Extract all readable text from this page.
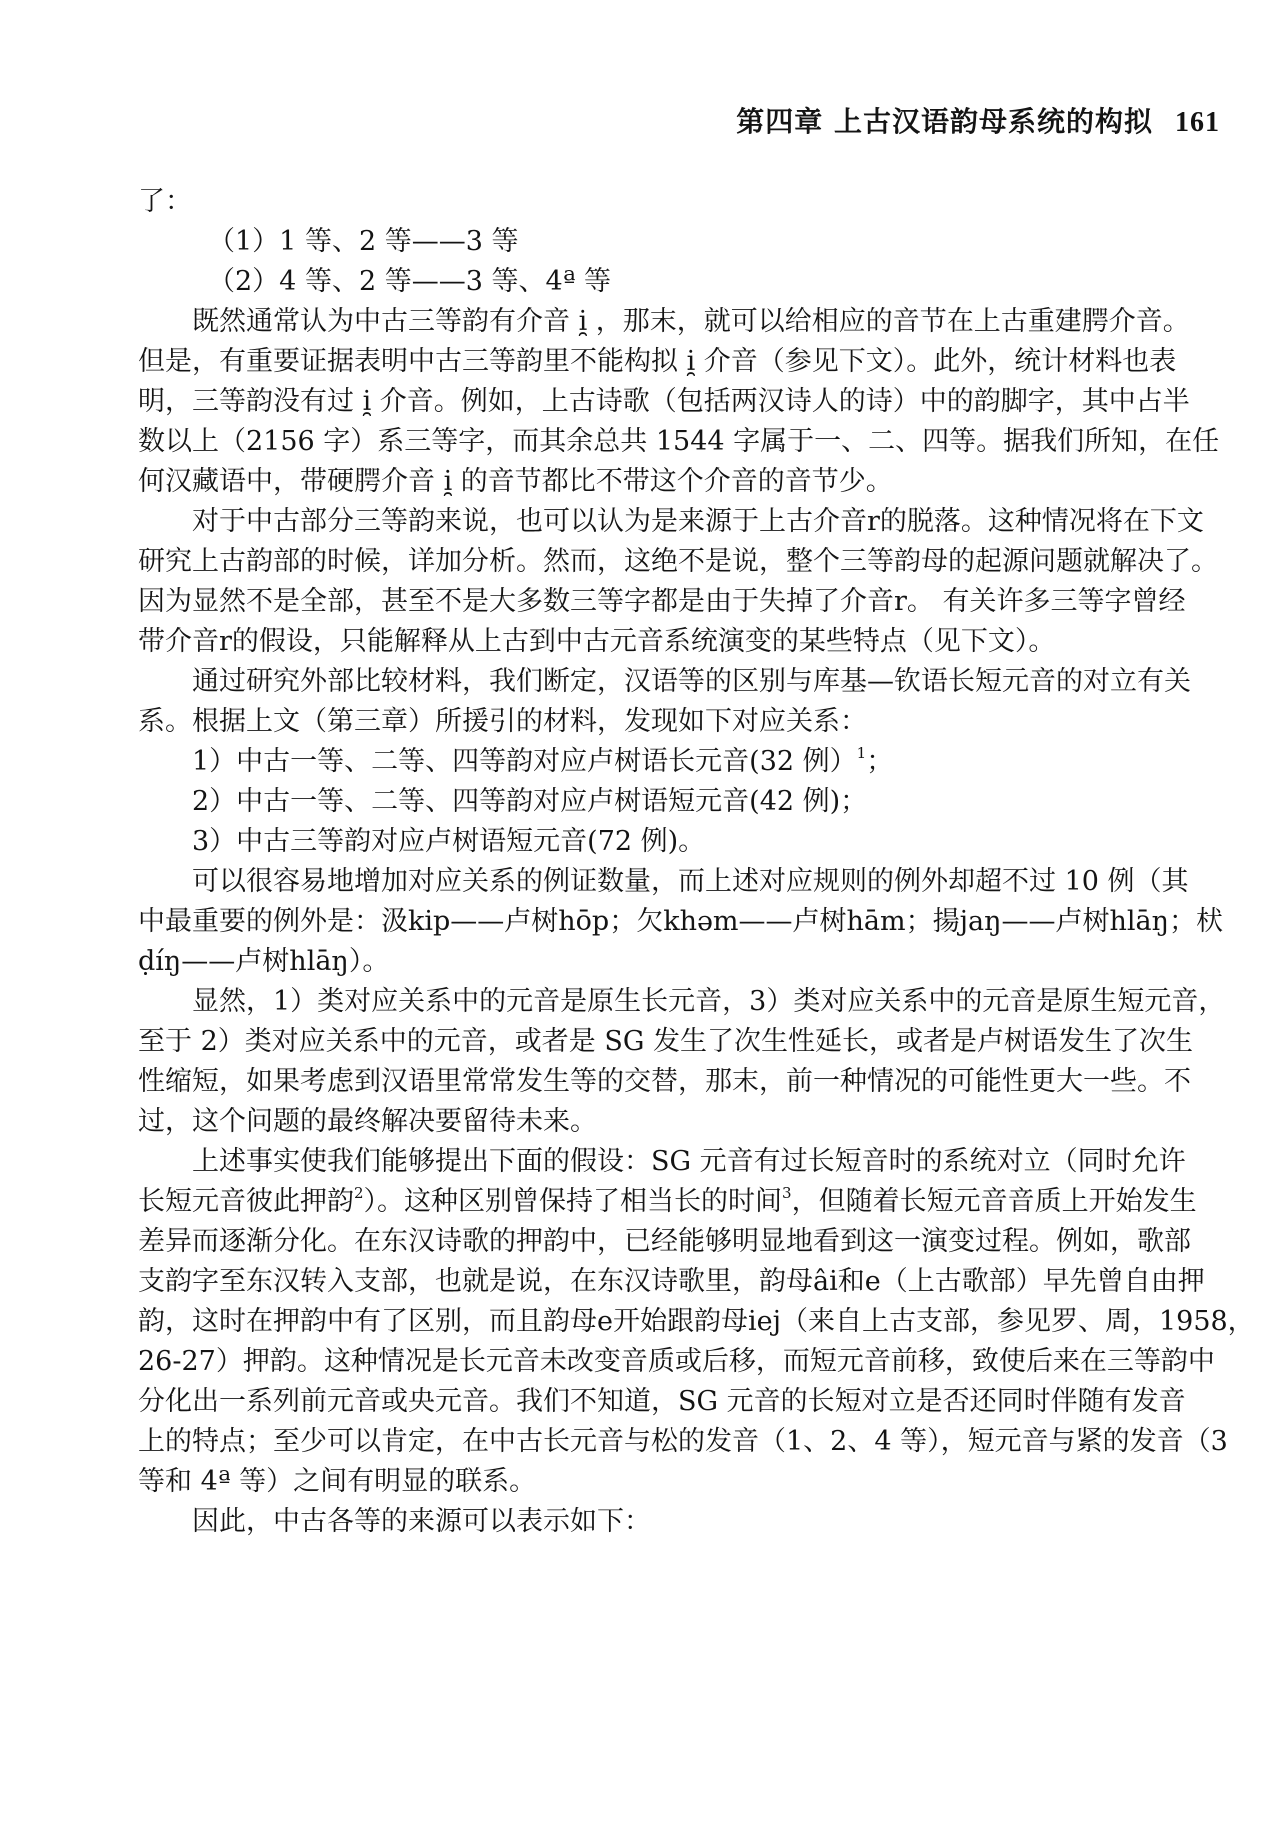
第四章 上古汉语韵母系统的构拟 161
了：
（1）1 等、2 等——3 等
（2）4 等、2 等——3 等、4ª 等
既然通常认为中古三等韵有介音 i̯ ，那末，就可以给相应的音节在上古重建腭介音。
但是，有重要证据表明中古三等韵里不能构拟 i̯ 介音（参见下文）。此外，统计材料也表
明，三等韵没有过 i̯ 介音。例如，上古诗歌（包括两汉诗人的诗）中的韵脚字，其中占半
数以上（2156 字）系三等字，而其余总共 1544 字属于一、二、四等。据我们所知，在任
何汉藏语中，带硬腭介音 i̯ 的音节都比不带这个介音的音节少。
对于中古部分三等韵来说，也可以认为是来源于上古介音r的脱落。这种情况将在下文
研究上古韵部的时候，详加分析。然而，这绝不是说，整个三等韵母的起源问题就解决了。
因为显然不是全部，甚至不是大多数三等字都是由于失掉了介音r。 有关许多三等字曾经
带介音r的假设，只能解释从上古到中古元音系统演变的某些特点（见下文）。
通过研究外部比较材料，我们断定，汉语等的区别与库基—钦语长短元音的对立有关
系。根据上文（第三章）所援引的材料，发现如下对应关系：
1）中古一等、二等、四等韵对应卢树语长元音(32 例）$^1$；
2）中古一等、二等、四等韵对应卢树语短元音(42 例)；
3）中古三等韵对应卢树语短元音(72 例)。
可以很容易地增加对应关系的例证数量，而上述对应规则的例外却超不过 10 例（其
中最重要的例外是：汲kip——卢树hōp；欠khəm——卢树hām；揚jaŋ——卢树hlāŋ；枤
ḍíŋ——卢树hlāŋ）。
显然，1）类对应关系中的元音是原生长元音，3）类对应关系中的元音是原生短元音，
至于 2）类对应关系中的元音，或者是 SG 发生了次生性延长，或者是卢树语发生了次生
性缩短，如果考虑到汉语里常常发生等的交替，那末，前一种情况的可能性更大一些。不
过，这个问题的最终解决要留待未来。
上述事实使我们能够提出下面的假设：SG 元音有过长短音时的系统对立（同时允许
长短元音彼此押韵$^2$）。这种区别曾保持了相当长的时间$^3$，但随着长短元音音质上开始发生
差异而逐渐分化。在东汉诗歌的押韵中，已经能够明显地看到这一演变过程。例如，歌部
支韵字至东汉转入支部，也就是说，在东汉诗歌里，韵母âi和e（上古歌部）早先曾自由押
韵，这时在押韵中有了区别，而且韵母e开始跟韵母iej（来自上古支部，参见罗、周，1958，
26-27）押韵。这种情况是长元音未改变音质或后移，而短元音前移，致使后来在三等韵中
分化出一系列前元音或央元音。我们不知道，SG 元音的长短对立是否还同时伴随有发音
上的特点；至少可以肯定，在中古长元音与松的发音（1、2、4 等），短元音与紧的发音（3
等和 4ª 等）之间有明显的联系。
因此，中古各等的来源可以表示如下：
